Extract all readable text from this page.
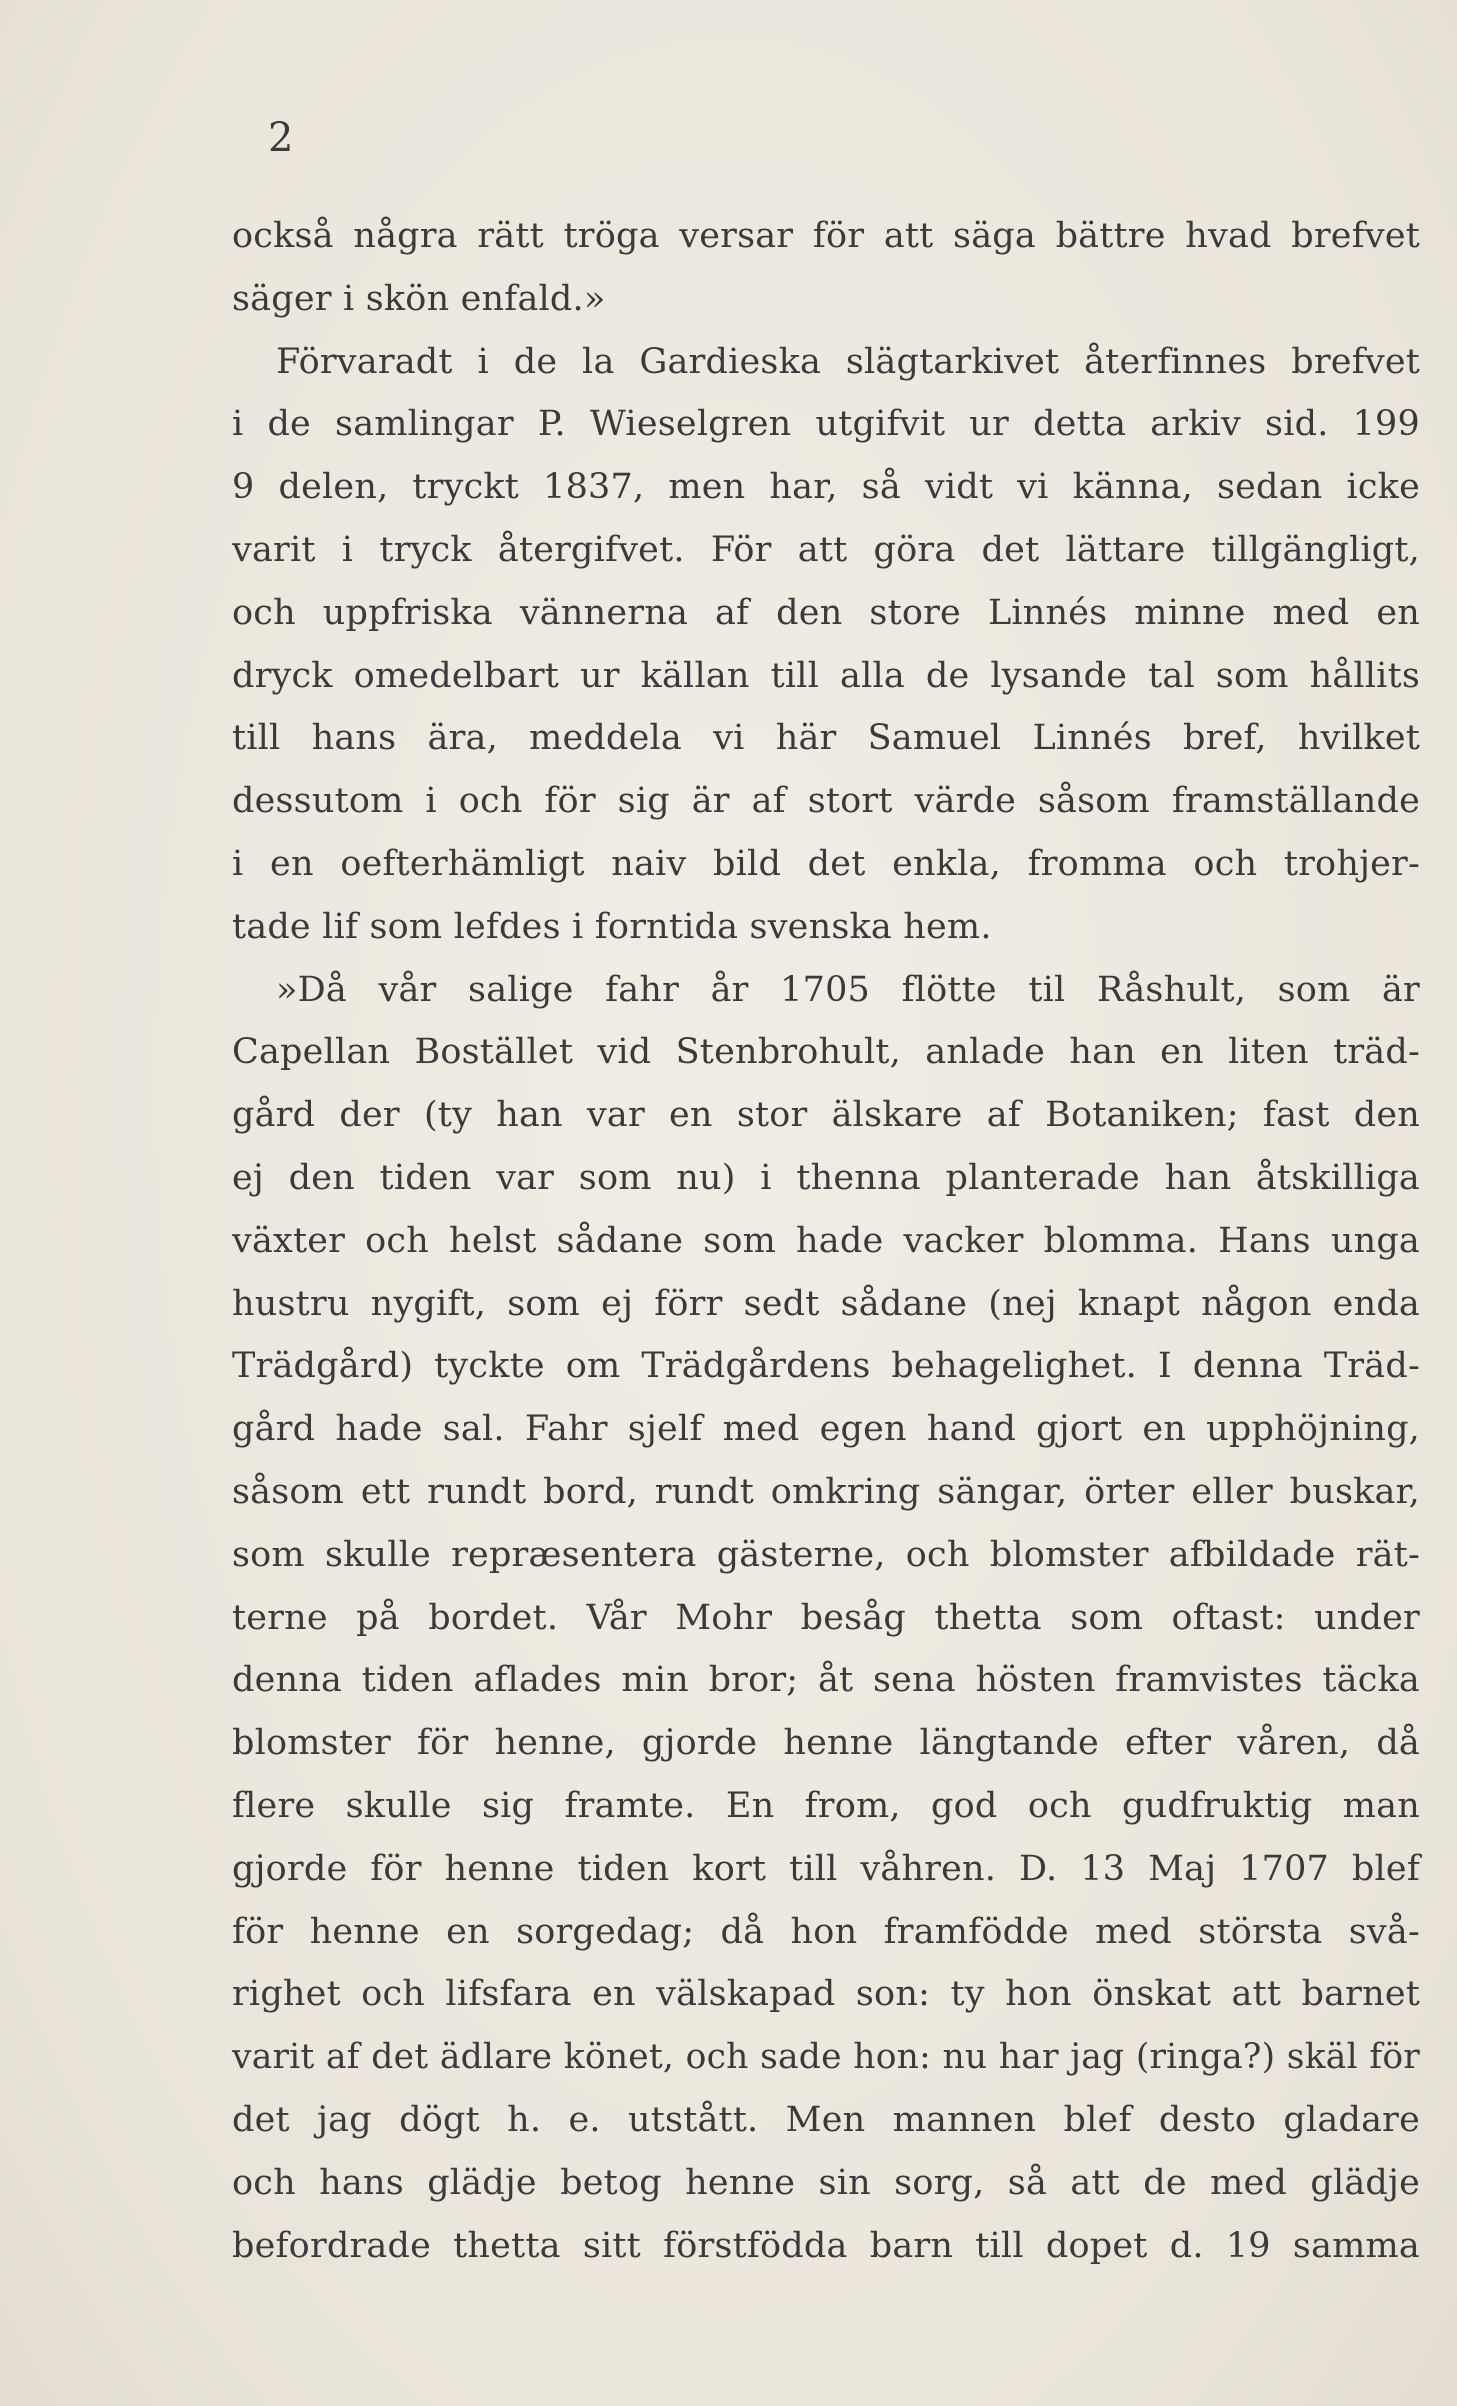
2
också några rätt tröga versar för att säga bättre hvad brefvet
säger i skön enfald.»
Förvaradt i de la Gardieska slägtarkivet återfinnes brefvet
i de samlingar P. Wieselgren utgifvit ur detta arkiv sid. 199
9 delen, tryckt 1837, men har, så vidt vi känna, sedan icke
varit i tryck återgifvet. För att göra det lättare tillgängligt,
och uppfriska vännerna af den store Linnés minne med en
dryck omedelbart ur källan till alla de lysande tal som hållits
till hans ära, meddela vi här Samuel Linnés bref, hvilket
dessutom i och för sig är af stort värde såsom framställande
i en oefterhämligt naiv bild det enkla, fromma och trohjer-
tade lif som lefdes i forntida svenska hem.
»Då vår salige fahr år 1705 flötte til Råshult, som är
Capellan Bostället vid Stenbrohult, anlade han en liten träd-
gård der (ty han var en stor älskare af Botaniken; fast den
ej den tiden var som nu) i thenna planterade han åtskilliga
växter och helst sådane som hade vacker blomma. Hans unga
hustru nygift, som ej förr sedt sådane (nej knapt någon enda
Trädgård) tyckte om Trädgårdens behagelighet. I denna Träd-
gård hade sal. Fahr sjelf med egen hand gjort en upphöjning,
såsom ett rundt bord, rundt omkring sängar, örter eller buskar,
som skulle repræsentera gästerne, och blomster afbildade rät-
terne på bordet. Vår Mohr besåg thetta som oftast: under
denna tiden aflades min bror; åt sena hösten framvistes täcka
blomster för henne, gjorde henne längtande efter våren, då
flere skulle sig framte. En from, god och gudfruktig man
gjorde för henne tiden kort till våhren. D. 13 Maj 1707 blef
för henne en sorgedag; då hon framfödde med största svå-
righet och lifsfara en välskapad son: ty hon önskat att barnet
varit af det ädlare könet, och sade hon: nu har jag (ringa?) skäl för
det jag dögt h. e. utstått. Men mannen blef desto gladare
och hans glädje betog henne sin sorg, så att de med glädje
befordrade thetta sitt förstfödda barn till dopet d. 19 samma
